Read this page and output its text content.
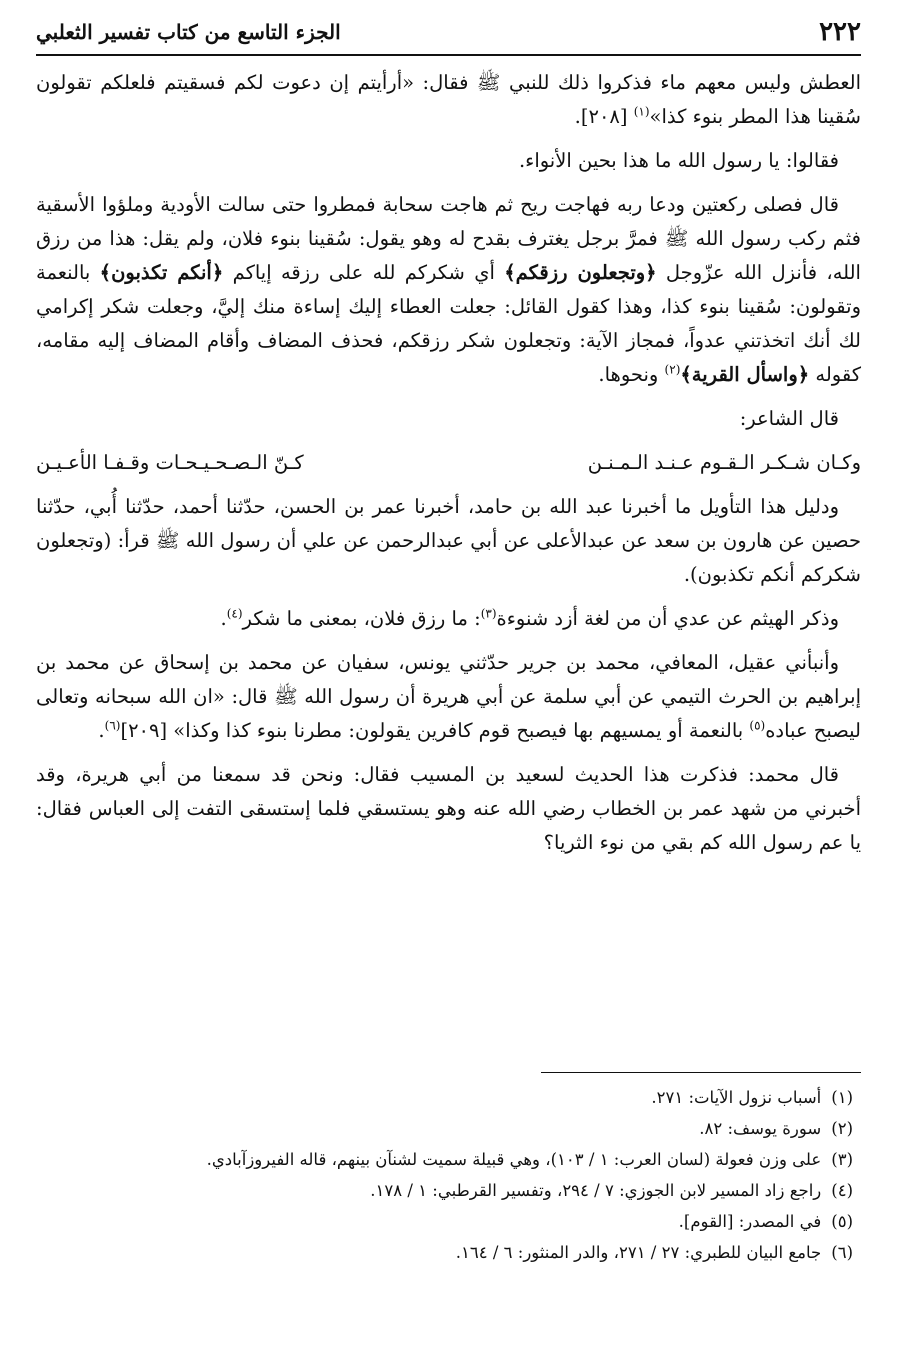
٢٢٢
الجزء التاسع من كتاب تفسير الثعلبي

العطش وليس معهم ماء فذكروا ذلك للنبي ﷺ فقال: «أرأيتم إن دعوت لكم فسقيتم فلعلكم تقولون سُقينا هذا المطر بنوء كذا»$^{(١)}$ [٢٠٨].

فقالوا: يا رسول الله ما هذا بحين الأنواء.

قال فصلى ركعتين ودعا ربه فهاجت ريح ثم هاجت سحابة فمطروا حتى سالت الأودية وملؤوا الأسقية فثم ركب رسول الله ﷺ فمرَّ برجل يغترف بقدح له وهو يقول: سُقينا بنوء فلان، ولم يقل: هذا من رزق الله، فأنزل الله عزّوجل ﴿وتجعلون رزقكم﴾ أي شكركم لله على رزقه إياكم ﴿أنكم تكذبون﴾ بالنعمة وتقولون: سُقينا بنوء كذا، وهذا كقول القائل: جعلت العطاء إليك إساءة منك إليَّ، وجعلت شكر إكرامي لك أنك اتخذتني عدواً، فمجاز الآية: وتجعلون شكر رزقكم، فحذف المضاف وأقام المضاف إليه مقامه، كقوله ﴿واسأل القرية﴾$^{(٢)}$ ونحوها.

قال الشاعر:

وكـان شـكـر الـقـوم عـنـد الـمـنـن
كـنّ الـصـحـيـحـات وقـفـا الأعـيـن

ودليل هذا التأويل ما أخبرنا عبد الله بن حامد، أخبرنا عمر بن الحسن، حدّثنا أحمد، حدّثنا أُبي، حدّثنا حصين عن هارون بن سعد عن عبدالأعلى عن أبي عبدالرحمن عن علي أن رسول الله ﷺ قرأ: (وتجعلون شكركم أنكم تكذبون).

وذكر الهيثم عن عدي أن من لغة أزد شنوءة$^{(٣)}$: ما رزق فلان، بمعنى ما شكر$^{(٤)}$.

وأنبأني عقيل، المعافي، محمد بن جرير حدّثني يونس، سفيان عن محمد بن إسحاق عن محمد بن إبراهيم بن الحرث التيمي عن أبي سلمة عن أبي هريرة أن رسول الله ﷺ قال: «ان الله سبحانه وتعالى ليصبح عباده$^{(٥)}$ بالنعمة أو يمسيهم بها فيصبح قوم كافرين يقولون: مطرنا بنوء كذا وكذا» [٢٠٩]$^{(٦)}$.

قال محمد: فذكرت هذا الحديث لسعيد بن المسيب فقال: ونحن قد سمعنا من أبي هريرة، وقد أخبرني من شهد عمر بن الخطاب رضي الله عنه وهو يستسقي فلما إستسقى التفت إلى العباس فقال: يا عم رسول الله كم بقي من نوء الثريا؟

(١)
أسباب نزول الآيات: ٢٧١.
(٢)
سورة يوسف: ٨٢.
(٣)
على وزن فعولة (لسان العرب: ١ / ١٠٣)، وهي قبيلة سميت لشنآن بينهم، قاله الفيروزآبادي.
(٤)
راجع زاد المسير لابن الجوزي: ٧ / ٢٩٤، وتفسير القرطبي: ١ / ١٧٨.
(٥)
في المصدر: [القوم].
(٦)
جامع البيان للطبري: ٢٧ / ٢٧١، والدر المنثور: ٦ / ١٦٤.
